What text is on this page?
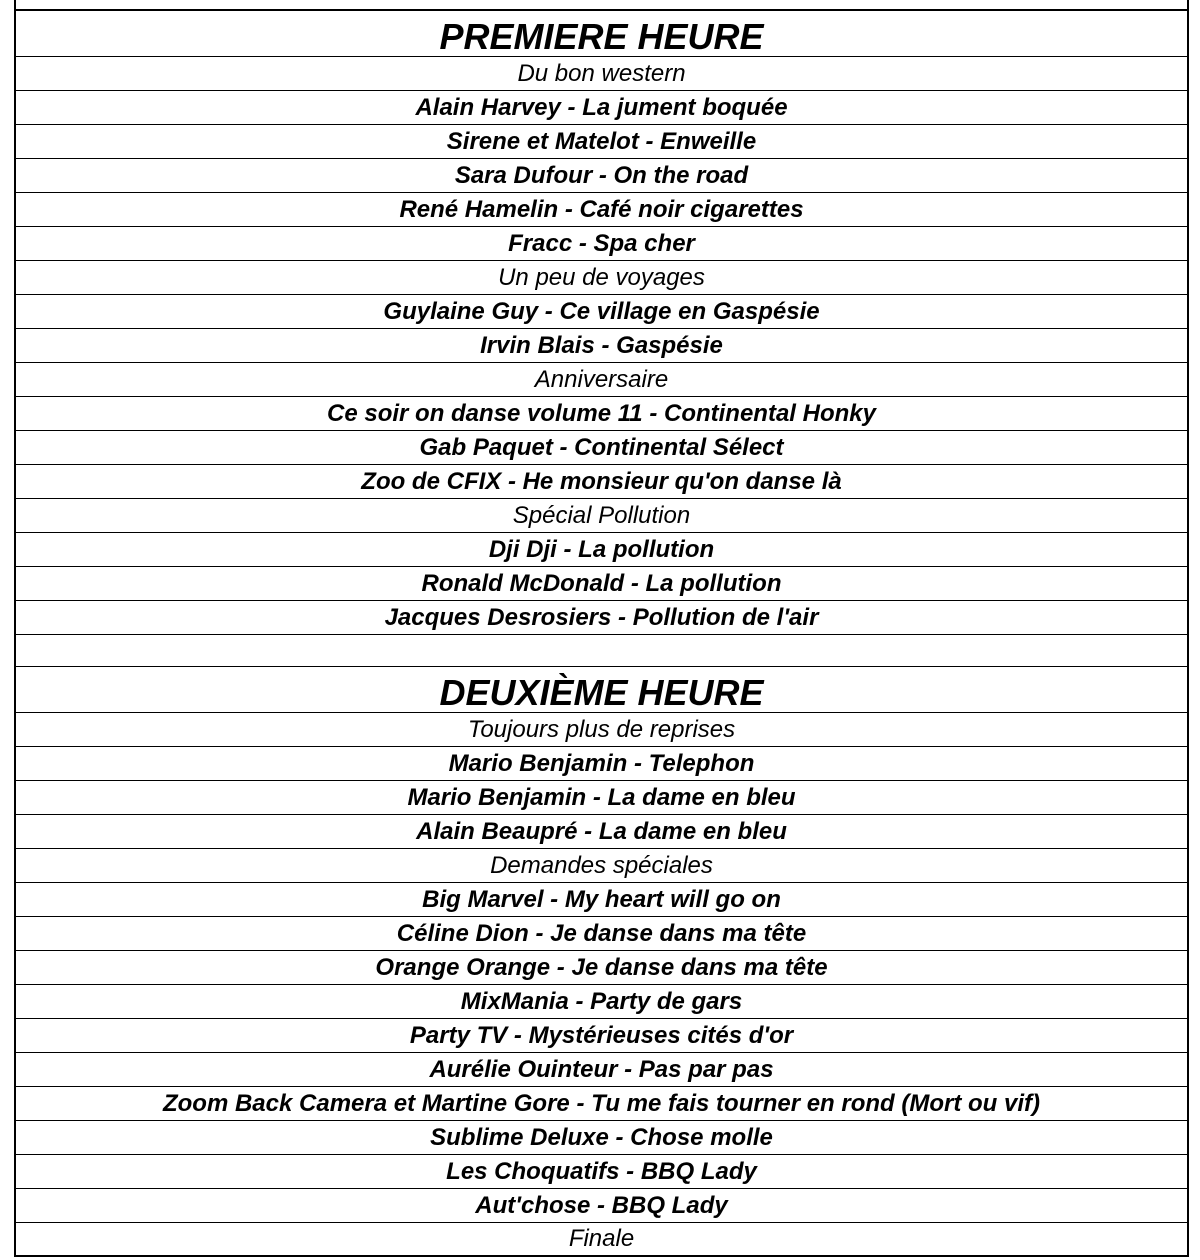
PREMIERE HEURE
Du bon western
Alain Harvey - La jument boquée
Sirene et Matelot - Enweille
Sara Dufour - On the road
René Hamelin - Café noir cigarettes
Fracc - Spa cher
Un peu de voyages
Guylaine Guy - Ce village en Gaspésie
Irvin Blais - Gaspésie
Anniversaire
Ce soir on danse volume 11 - Continental Honky
Gab Paquet - Continental Sélect
Zoo de CFIX - He monsieur qu'on danse là
Spécial Pollution
Dji Dji - La pollution
Ronald McDonald - La pollution
Jacques Desrosiers - Pollution de l'air
DEUXIÈME HEURE
Toujours plus de reprises
Mario Benjamin - Telephon
Mario Benjamin - La dame en bleu
Alain Beaupré - La dame en bleu
Demandes spéciales
Big Marvel - My heart will go on
Céline Dion - Je danse dans ma tête
Orange Orange - Je danse dans ma tête
MixMania - Party de gars
Party TV - Mystérieuses cités d'or
Aurélie Ouinteur - Pas par pas
Zoom Back Camera et Martine Gore - Tu me fais tourner en rond (Mort ou vif)
Sublime Deluxe - Chose molle
Les Choquatifs - BBQ Lady
Aut'chose - BBQ Lady
Finale
